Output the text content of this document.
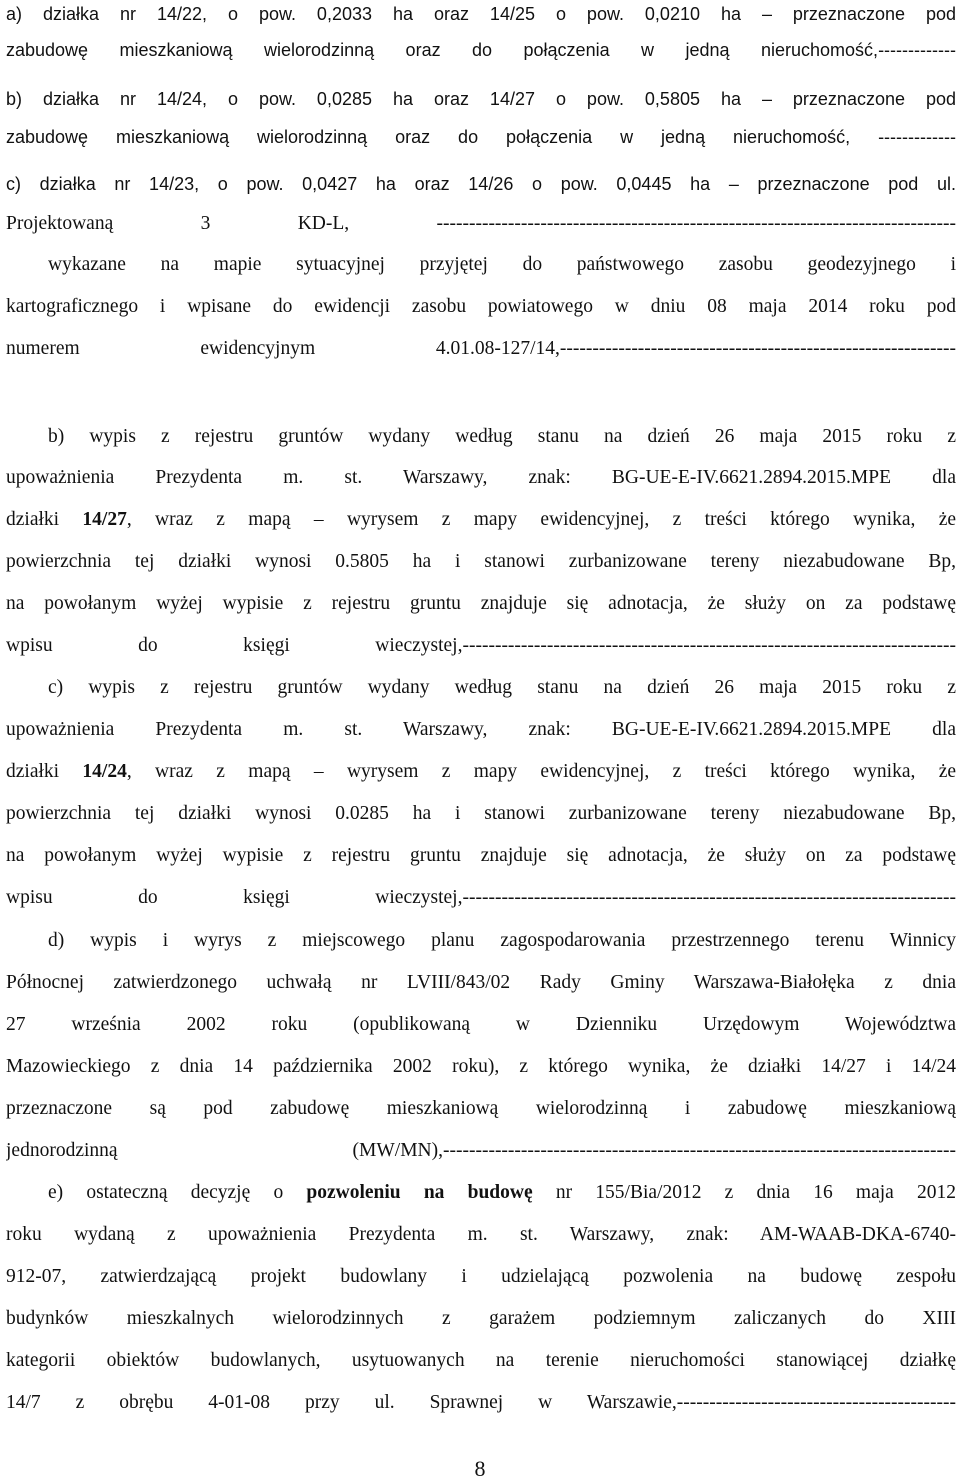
a) działka nr 14/22, o pow. 0,2033 ha oraz 14/25 o pow. 0,0210 ha – przeznaczone pod
zabudowę mieszkaniową wielorodzinną oraz do połączenia w jedną nieruchomość,-------------
b) działka nr 14/24, o pow. 0,0285 ha oraz 14/27 o pow. 0,5805 ha – przeznaczone pod
zabudowę mieszkaniową wielorodzinną oraz do połączenia w jedną nieruchomość, -------------
c) działka nr 14/23, o pow. 0,0427 ha oraz 14/26 o pow. 0,0445 ha – przeznaczone pod ul.
Projektowaną 3 KD-L, --------------------------------------------------------------------------------
wykazane na mapie sytuacyjnej przyjętej do państwowego zasobu geodezyjnego i
kartograficznego i wpisane do ewidencji zasobu powiatowego w dniu 08 maja 2014 roku pod
numerem ewidencyjnym 4.01.08-127/14,-------------------------------------------------------------
b) wypis z rejestru gruntów wydany według stanu na dzień 26 maja 2015 roku z
upoważnienia Prezydenta m. st. Warszawy, znak: BG-UE-E-IV.6621.2894.2015.MPE dla
działki 14/27, wraz z mapą – wyrysem z mapy ewidencyjnej, z treści którego wynika, że
powierzchnia tej działki wynosi 0.5805 ha i stanowi zurbanizowane tereny niezabudowane Bp,
na powołanym wyżej wypisie z rejestru gruntu znajduje się adnotacja, że służy on za podstawę
wpisu do księgi wieczystej,----------------------------------------------------------------------------
c) wypis z rejestru gruntów wydany według stanu na dzień 26 maja 2015 roku z
upoważnienia Prezydenta m. st. Warszawy, znak: BG-UE-E-IV.6621.2894.2015.MPE dla
działki 14/24, wraz z mapą – wyrysem z mapy ewidencyjnej, z treści którego wynika, że
powierzchnia tej działki wynosi 0.0285 ha i stanowi zurbanizowane tereny niezabudowane Bp,
na powołanym wyżej wypisie z rejestru gruntu znajduje się adnotacja, że służy on za podstawę
wpisu do księgi wieczystej,----------------------------------------------------------------------------
d) wypis i wyrys z miejscowego planu zagospodarowania przestrzennego terenu Winnicy
Północnej zatwierdzonego uchwałą nr LVIII/843/02 Rady Gminy Warszawa-Białołęka z dnia
27 września 2002 roku (opublikowaną w Dzienniku Urzędowym Województwa
Mazowieckiego z dnia 14 października 2002 roku), z którego wynika, że działki 14/27 i 14/24
przeznaczone są pod zabudowę mieszkaniową wielorodzinną i zabudowę mieszkaniową
jednorodzinną (MW/MN),-------------------------------------------------------------------------------
e) ostateczną decyzję o pozwoleniu na budowę nr 155/Bia/2012 z dnia 16 maja 2012
roku wydaną z upoważnienia Prezydenta m. st. Warszawy, znak: AM-WAAB-DKA-6740-
912-07, zatwierdzającą projekt budowlany i udzielającą pozwolenia na budowę zespołu
budynków mieszkalnych wielorodzinnych z garażem podziemnym zaliczanych do XIII
kategorii obiektów budowlanych, usytuowanych na terenie nieruchomości stanowiącej działkę
14/7 z obrębu 4-01-08 przy ul. Sprawnej w Warszawie,-------------------------------------------
8
